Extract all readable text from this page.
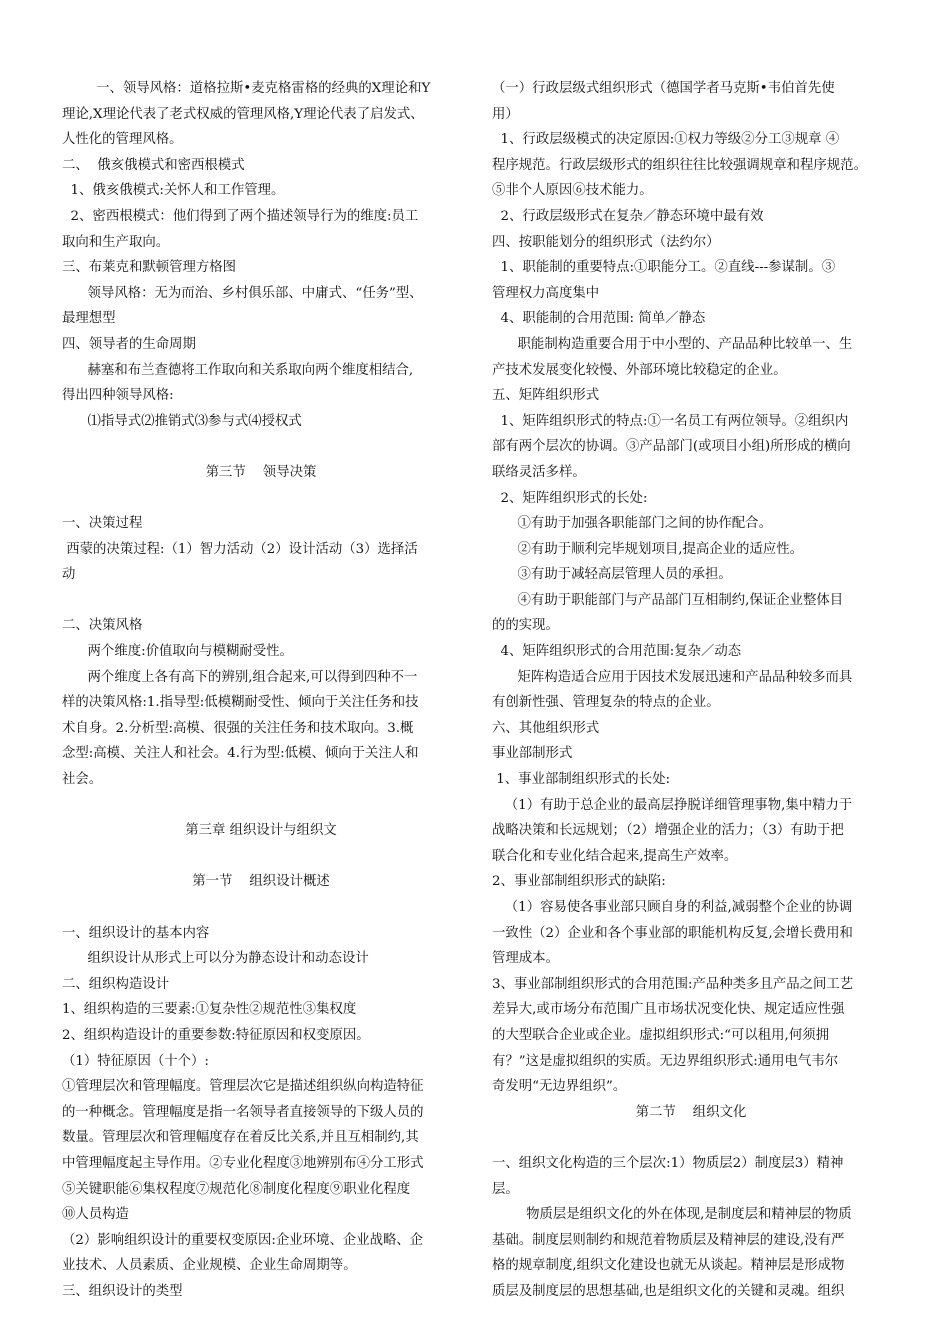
一、领导风格：道格拉斯•麦克格雷格的经典的X理论和Y

理论,X理论代表了老式权威的管理风格,Y理论代表了启发式、

人性化的管理风格。

二、  俄亥俄模式和密西根模式

1、俄亥俄模式:关怀人和工作管理。

2、密西根模式：他们得到了两个描述领导行为的维度:员工

取向和生产取向。

三、布莱克和默顿管理方格图

领导风格：无为而治、乡村俱乐部、中庸式、“任务”型、

最理想型

四、领导者的生命周期

赫塞和布兰查德将工作取向和关系取向两个维度相结合,

得出四种领导风格:

⑴指导式⑵推销式⑶参与式⑷授权式

第三节    领导决策

一、决策过程

西蒙的决策过程:（1）智力活动（2）设计活动（3）选择活

动

二、决策风格

两个维度:价值取向与模糊耐受性。

两个维度上各有高下的辨别,组合起来,可以得到四种不一

样的决策风格:1.指导型:低模糊耐受性、倾向于关注任务和技

术自身。2.分析型:高模、很强的关注任务和技术取向。3.概

念型:高模、关注人和社会。4.行为型:低模、倾向于关注人和

社会。

第三章 组织设计与组织文

第一节    组织设计概述

一、组织设计的基本内容

组织设计从形式上可以分为静态设计和动态设计

二、组织构造设计

1、组织构造的三要素:①复杂性②规范性③集权度

2、组织构造设计的重要参数:特征原因和权变原因。

（1）特征原因（十个）:

①管理层次和管理幅度。管理层次它是描述组织纵向构造特征

的一种概念。管理幅度是指一名领导者直接领导的下级人员的

数量。管理层次和管理幅度存在着反比关系,并且互相制约,其

中管理幅度起主导作用。②专业化程度③地辨别布④分工形式

⑤关键职能⑥集权程度⑦规范化⑧制度化程度⑨职业化程度

⑩人员构造

（2）影响组织设计的重要权变原因:企业环境、企业战略、企

业技术、人员素质、企业规模、企业生命周期等。

三、组织设计的类型

（一）行政层级式组织形式（德国学者马克斯•韦伯首先使

用）

1、行政层级模式的决定原因:①权力等级②分工③规章 ④

程序规范。行政层级形式的组织往往比较强调规章和程序规范。

⑤非个人原因⑥技术能力。

2、行政层级形式在复杂／静态环境中最有效

四、按职能划分的组织形式（法约尔）

1、职能制的重要特点:①职能分工。②直线---参谋制。③

管理权力高度集中

4、职能制的合用范围: 简单／静态

职能制构造重要合用于中小型的、产品品种比较单一、生

产技术发展变化较慢、外部环境比较稳定的企业。

五、矩阵组织形式

1、矩阵组织形式的特点:①一名员工有两位领导。②组织内

部有两个层次的协调。③产品部门(或项目小组)所形成的横向

联络灵活多样。

2、矩阵组织形式的长处:

①有助于加强各职能部门之间的协作配合。

②有助于顺利完毕规划项目,提高企业的适应性。

③有助于减轻高层管理人员的承担。

④有助于职能部门与产品部门互相制约,保证企业整体目

的的实现。

4、矩阵组织形式的合用范围:复杂／动态

矩阵构造适合应用于因技术发展迅速和产品品种较多而具

有创新性强、管理复杂的特点的企业。

六、其他组织形式

事业部制形式

1、事业部制组织形式的长处:

（1）有助于总企业的最高层挣脱详细管理事物,集中精力于

战略决策和长远规划；（2）增强企业的活力；（3）有助于把

联合化和专业化结合起来,提高生产效率。

2、事业部制组织形式的缺陷:

（1）容易使各事业部只顾自身的利益,减弱整个企业的协调

一致性（2）企业和各个事业部的职能机构反复,会增长费用和

管理成本。

3、事业部制组织形式的合用范围:产品种类多且产品之间工艺

差异大,或市场分布范围广且市场状况变化快、规定适应性强

的大型联合企业或企业。虚拟组织形式:“可以租用,何须拥

有？”这是虚拟组织的实质。无边界组织形式:通用电气韦尔

奇发明“无边界组织”。

第二节    组织文化

一、组织文化构造的三个层次:1）物质层2）制度层3）精神

层。

物质层是组织文化的外在体现,是制度层和精神层的物质

基础。制度层则制约和规范着物质层及精神层的建设,没有严

格的规章制度,组织文化建设也就无从谈起。精神层是形成物

质层及制度层的思想基础,也是组织文化的关键和灵魂。组织
